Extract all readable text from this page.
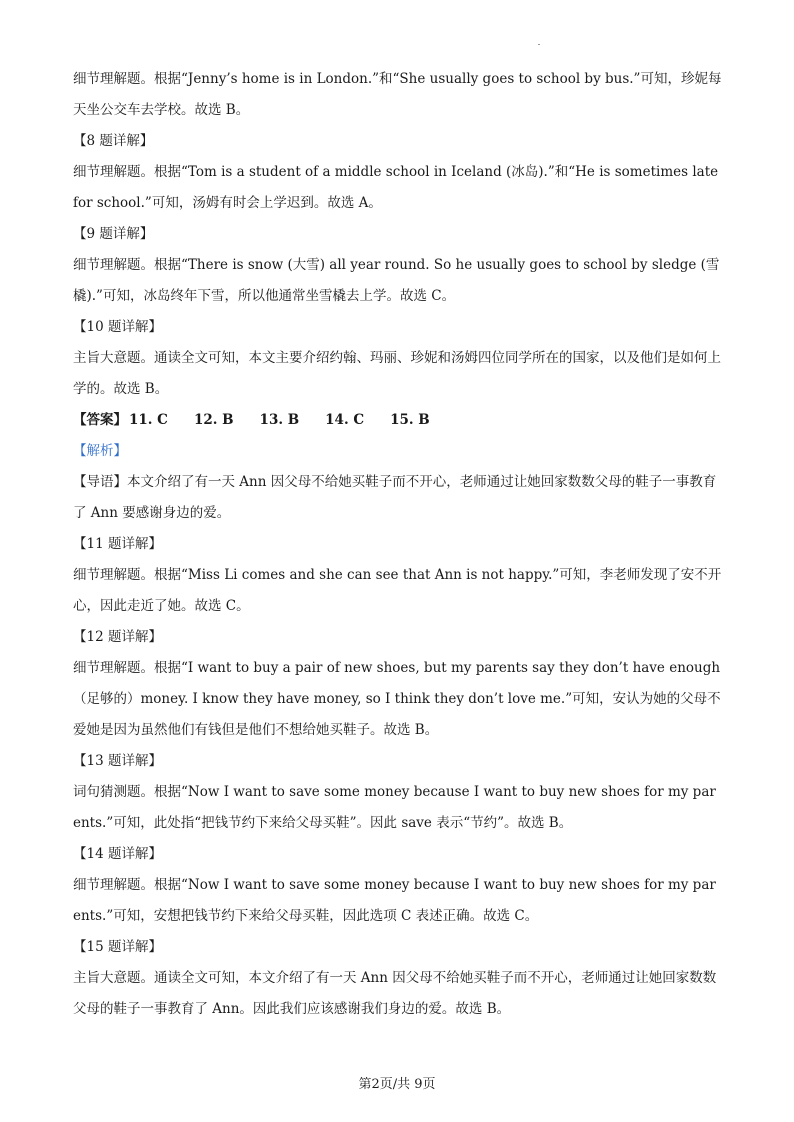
细节理解题。根据“Jenny’s home is in London.”和“She usually goes to school by bus.”可知，珍妮每天坐公交车去学校。故选 B。

【8 题详解】

细节理解题。根据“Tom is a student of a middle school in Iceland (冰岛).”和“He is sometimes late for school.”可知，汤姆有时会上学迟到。故选 A。

【9 题详解】

细节理解题。根据“There is snow (大雪) all year round. So he usually goes to school by sledge (雪橇).”可知，冰岛终年下雪，所以他通常坐雪橇去上学。故选 C。

【10 题详解】

主旨大意题。通读全文可知，本文主要介绍约翰、玛丽、珍妮和汤姆四位同学所在的国家，以及他们是如何上学的。故选 B。

【答案】 11. C 12. B 13. B 14. C 15. B

【解析】

【导语】本文介绍了有一天 Ann 因父母不给她买鞋子而不开心，老师通过让她回家数数父母的鞋子一事教育了 Ann 要感谢身边的爱。

【11 题详解】

细节理解题。根据“Miss Li comes and she can see that Ann is not happy.”可知，李老师发现了安不开心，因此走近了她。故选 C。

【12 题详解】

细节理解题。根据“I want to buy a pair of new shoes, but my parents say they don’t have enough（足够的）money. I know they have money, so I think they don’t love me.”可知，安认为她的父母不爱她是因为虽然他们有钱但是他们不想给她买鞋子。故选 B。

【13 题详解】

词句猜测题。根据“Now I want to save some money because I want to buy new shoes for my parents.”可知，此处指“把钱节约下来给父母买鞋”。因此 save 表示“节约”。故选 B。

【14 题详解】

细节理解题。根据“Now I want to save some money because I want to buy new shoes for my parents.”可知，安想把钱节约下来给父母买鞋，因此选项 C 表述正确。故选 C。

【15 题详解】

主旨大意题。通读全文可知，本文介绍了有一天 Ann 因父母不给她买鞋子而不开心，老师通过让她回家数数父母的鞋子一事教育了 Ann。因此我们应该感谢我们身边的爱。故选 B。

第2页/共 9页
